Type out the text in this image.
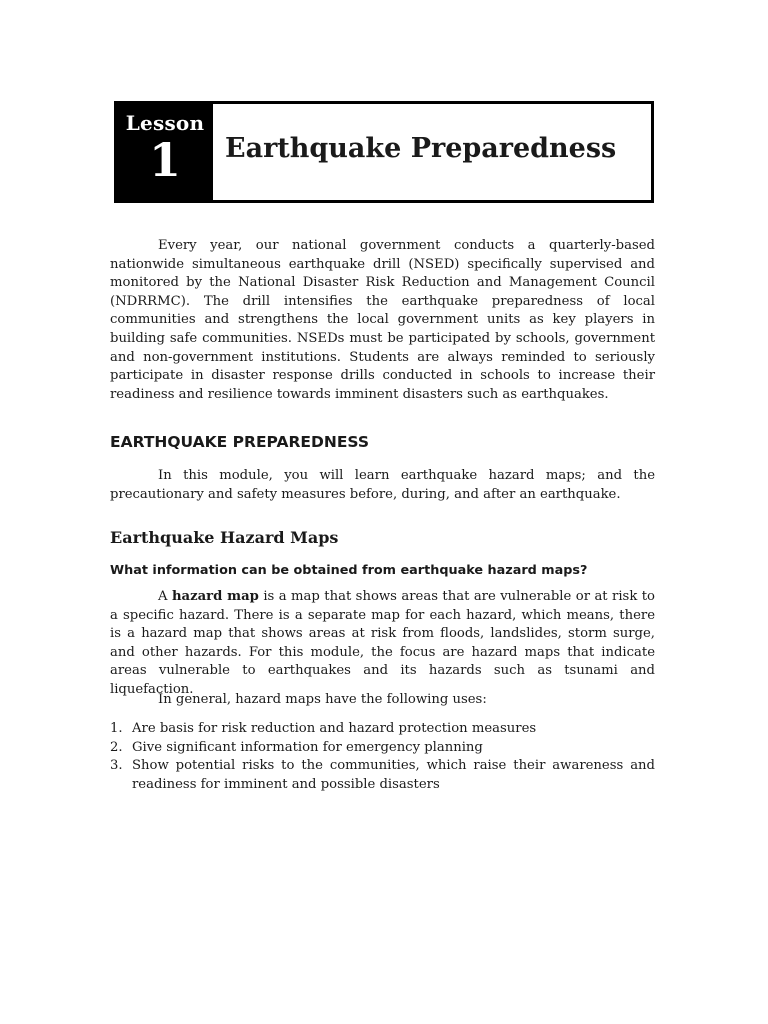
Lesson
1	Earthquake Preparedness

Every year, our national government conducts a quarterly-based nationwide simultaneous earthquake drill (NSED) specifically supervised and monitored by the National Disaster Risk Reduction and Management Council (NDRRMC). The drill intensifies the earthquake preparedness of local communities and strengthens the local government units as key players in building safe communities. NSEDs must be participated by schools, government and non-government institutions. Students are always reminded to seriously participate in disaster response drills conducted in schools to increase their readiness and resilience towards imminent disasters such as earthquakes.

EARTHQUAKE PREPAREDNESS

In this module, you will learn earthquake hazard maps; and the precautionary and safety measures before, during, and after an earthquake.

Earthquake Hazard Maps
What information can be obtained from earthquake hazard maps?

A hazard map is a map that shows areas that are vulnerable or at risk to a specific hazard. There is a separate map for each hazard, which means, there is a hazard map that shows areas at risk from floods, landslides, storm surge, and other hazards. For this module, the focus are hazard maps that indicate areas vulnerable to earthquakes and its hazards such as tsunami and liquefaction.

In general, hazard maps have the following uses:

1. Are basis for risk reduction and hazard protection measures
2. Give significant information for emergency planning
3. Show potential risks to the communities, which raise their awareness and readiness for imminent and possible disasters
